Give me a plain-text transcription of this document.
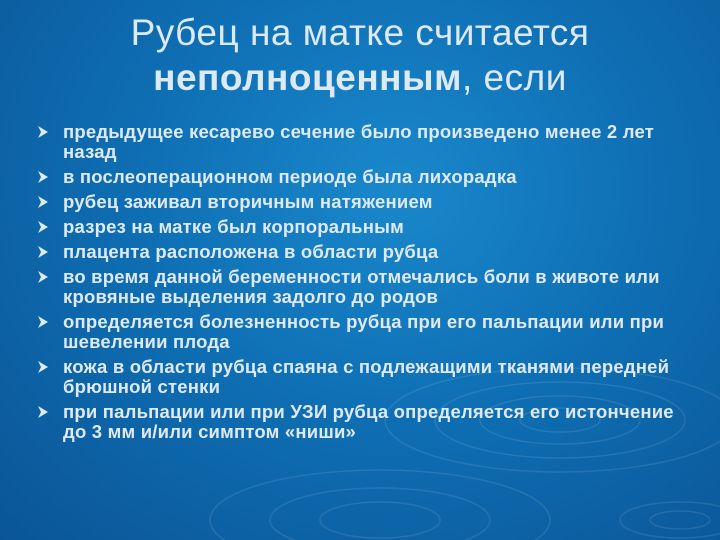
Рубец на матке считается
неполноценным, если
предыдущее кесарево сечение было произведено менее 2 лет назад
в послеоперационном периоде была лихорадка
рубец заживал вторичным натяжением
разрез на матке был корпоральным
плацента расположена в области рубца
во время данной беременности отмечались боли в животе или кровяные выделения задолго до родов
определяется болезненность рубца при его пальпации или при шевелении плода
кожа в области рубца спаяна с подлежащими тканями передней брюшной стенки
при пальпации или при УЗИ рубца определяется его истончение до 3 мм и/или симптом «ниши»
